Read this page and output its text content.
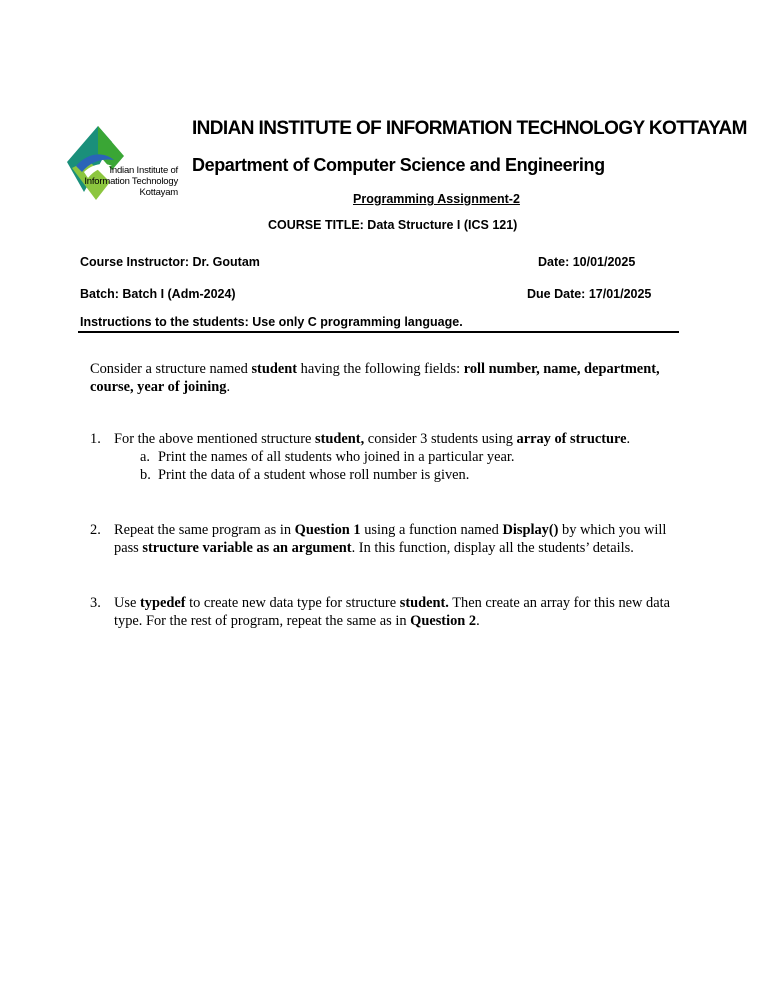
Indian Institute of
Information Technology
Kottayam
INDIAN INSTITUTE OF INFORMATION TECHNOLOGY KOTTAYAM
Department of Computer Science and Engineering
Programming Assignment-2
COURSE TITLE: Data Structure I (ICS 121)
Course Instructor: Dr. Goutam	Date: 10/01/2025
Batch: Batch I (Adm-2024)	Due Date: 17/01/2025
Instructions to the students: Use only C programming language.

Consider a structure named student having the following fields: roll number, name, department, course, year of joining.

1. For the above mentioned structure student, consider 3 students using array of structure.
a. Print the names of all students who joined in a particular year.
b. Print the data of a student whose roll number is given.
2. Repeat the same program as in Question 1 using a function named Display() by which you will pass structure variable as an argument. In this function, display all the students’ details.
3. Use typedef to create new data type for structure student. Then create an array for this new data type. For the rest of program, repeat the same as in Question 2.
